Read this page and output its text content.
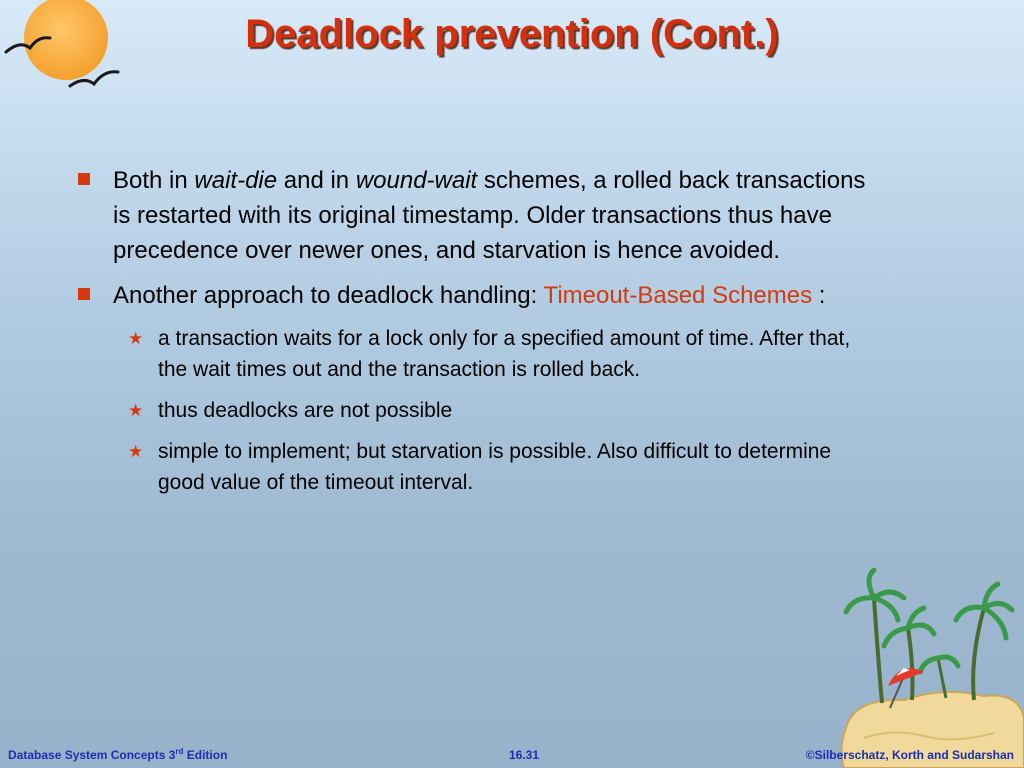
Deadlock prevention (Cont.)
Both in wait-die and in wound-wait schemes, a rolled back transactions is restarted with its original timestamp. Older transactions thus have precedence over newer ones, and starvation is hence avoided.
Another approach to deadlock handling: Timeout-Based Schemes :
★ a transaction waits for a lock only for a specified amount of time. After that, the wait times out and the transaction is rolled back.
★ thus deadlocks are not possible
★ simple to implement; but starvation is possible. Also difficult to determine good value of the timeout interval.
Database System Concepts 3rd Edition	16.31	©Silberschatz, Korth and Sudarshan
